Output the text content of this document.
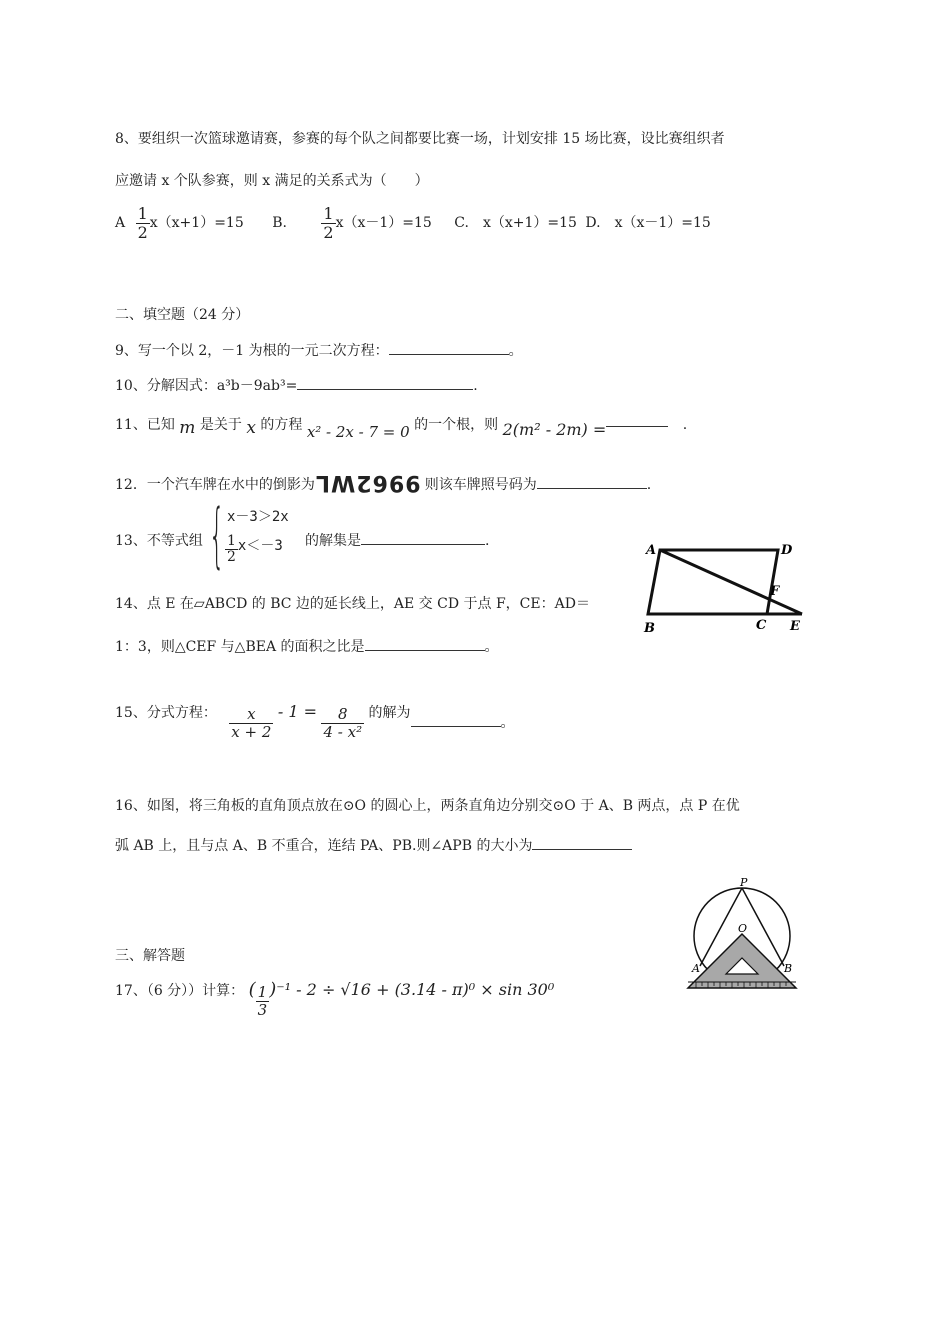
8、要组织一次篮球邀请赛，参赛的每个队之间都要比赛一场，计划安排 15 场比赛，设比赛组织者
应邀请 x 个队参赛，则 x 满足的关系式为（　　）
A $\frac{1}{2} x(x+1)=15$ B. $\frac{1}{2} x(x-1)=15$ C.　x（x+1）=15 D.　x（x－1）=15
二、填空题（24 分）
9、写一个以 2，－1 为根的一元二次方程：	。
10、分解因式：a³b－9ab³=	.
11、已知 m 是关于 x 的方程 x² - 2x - 7 = 0 的一个根，则 2(m² - 2m) =	.
12．一个汽车牌在水中的倒影为9962WL 则该车牌照号码为	.
13、不等式组 { x－3＞2x
$\frac{1}{2} x<-3$ 的解集是	.
A	D
F
B	C E
14、点 E 在▱ABCD 的 BC 边的延长线上，AE 交 CD 于点 F，CE：AD＝
1：3，则△CEF 与△BEA 的面积之比是	。
15、分式方程： $\frac{x}{x + 2} - 1 = \frac{8}{\text{4 - x²}}$ 的解为。
16、如图，将三角板的直角顶点放在⊙O 的圆心上，两条直角边分别交⊙O 于 A、B 两点，点 P 在优
弧 AB 上，且与点 A、B 不重合，连结 PA、PB.则∠APB 的大小为
P
O
A	B
三、解答题
17、（6 分））计算： ( $\frac{1}{3} )^{-1} - 2 \div √16 + (3.14 - \pi)^0 \times \sin 30^0$
